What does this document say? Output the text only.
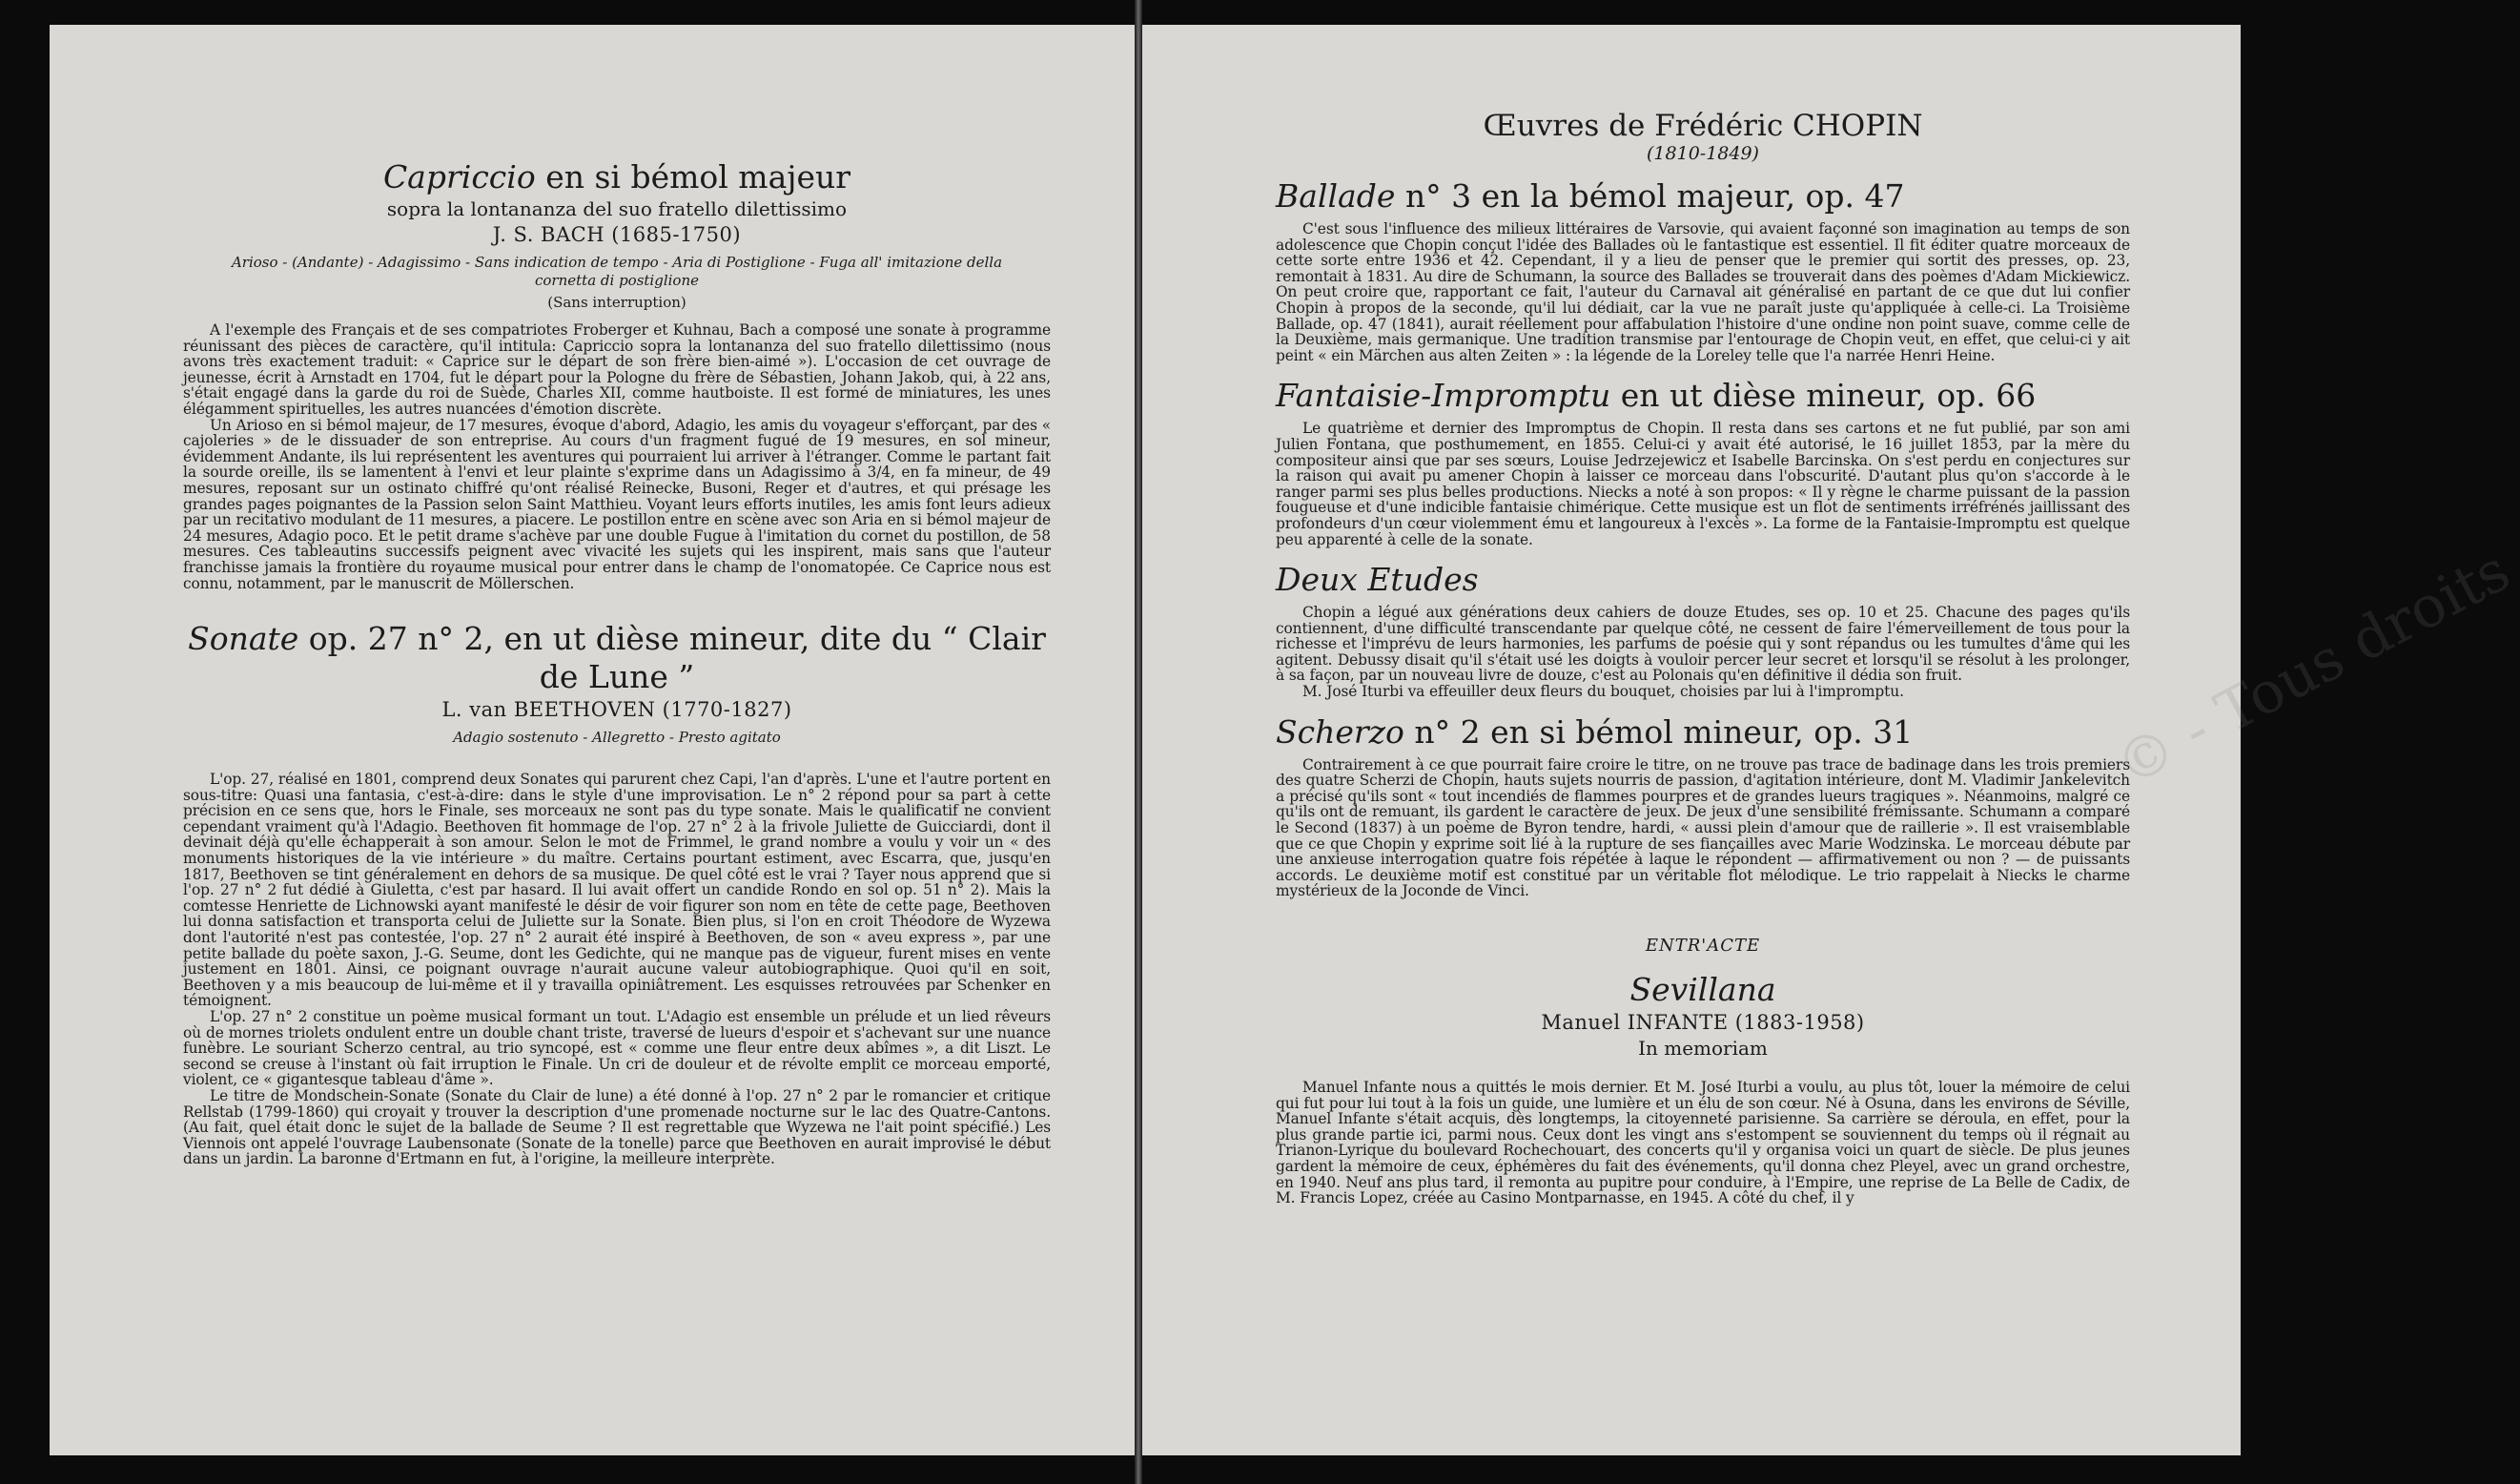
Capriccio en si bémol majeur

sopra la lontananza del suo fratello dilettissimo

J. S. BACH (1685-1750)

Arioso - (Andante) - Adagissimo - Sans indication de tempo - Aria di Postiglione - Fuga all' imitazione della cornetta di postiglione

(Sans interruption)

A l'exemple des Français et de ses compatriotes Froberger et Kuhnau, Bach a composé une sonate à programme réunissant des pièces de caractère, qu'il intitula: Capriccio sopra la lontananza del suo fratello dilettissimo (nous avons très exactement traduit: « Caprice sur le départ de son frère bien-aimé »). L'occasion de cet ouvrage de jeunesse, écrit à Arnstadt en 1704, fut le départ pour la Pologne du frère de Sébastien, Johann Jakob, qui, à 22 ans, s'était engagé dans la garde du roi de Suède, Charles XII, comme hautboiste. Il est formé de miniatures, les unes élégamment spirituelles, les autres nuancées d'émotion discrète.

Un Arioso en si bémol majeur, de 17 mesures, évoque d'abord, Adagio, les amis du voyageur s'efforçant, par des « cajoleries » de le dissuader de son entreprise. Au cours d'un fragment fugué de 19 mesures, en sol mineur, évidemment Andante, ils lui représentent les aventures qui pourraient lui arriver à l'étranger. Comme le partant fait la sourde oreille, ils se lamentent à l'envi et leur plainte s'exprime dans un Adagissimo à 3/4, en fa mineur, de 49 mesures, reposant sur un ostinato chiffré qu'ont réalisé Reinecke, Busoni, Reger et d'autres, et qui présage les grandes pages poignantes de la Passion selon Saint Matthieu. Voyant leurs efforts inutiles, les amis font leurs adieux par un recitativo modulant de 11 mesures, a piacere. Le postillon entre en scène avec son Aria en si bémol majeur de 24 mesures, Adagio poco. Et le petit drame s'achève par une double Fugue à l'imitation du cornet du postillon, de 58 mesures. Ces tableautins successifs peignent avec vivacité les sujets qui les inspirent, mais sans que l'auteur franchisse jamais la frontière du royaume musical pour entrer dans le champ de l'onomatopée. Ce Caprice nous est connu, notamment, par le manuscrit de Möllerschen.

Sonate op. 27 n° 2, en ut dièse mineur, dite du “ Clair de Lune ”

L. van BEETHOVEN (1770-1827)

Adagio sostenuto - Allegretto - Presto agitato

L'op. 27, réalisé en 1801, comprend deux Sonates qui parurent chez Capi, l'an d'après. L'une et l'autre portent en sous-titre: Quasi una fantasia, c'est-à-dire: dans le style d'une improvisation. Le n° 2 répond pour sa part à cette précision en ce sens que, hors le Finale, ses morceaux ne sont pas du type sonate. Mais le qualificatif ne convient cependant vraiment qu'à l'Adagio. Beethoven fit hommage de l'op. 27 n° 2 à la frivole Juliette de Guicciardi, dont il devinait déjà qu'elle échapperait à son amour. Selon le mot de Frimmel, le grand nombre a voulu y voir un « des monuments historiques de la vie intérieure » du maître. Certains pourtant estiment, avec Escarra, que, jusqu'en 1817, Beethoven se tint généralement en dehors de sa musique. De quel côté est le vrai ? Tayer nous apprend que si l'op. 27 n° 2 fut dédié à Giuletta, c'est par hasard. Il lui avait offert un candide Rondo en sol op. 51 n° 2). Mais la comtesse Henriette de Lichnowski ayant manifesté le désir de voir figurer son nom en tête de cette page, Beethoven lui donna satisfaction et transporta celui de Juliette sur la Sonate. Bien plus, si l'on en croit Théodore de Wyzewa dont l'autorité n'est pas contestée, l'op. 27 n° 2 aurait été inspiré à Beethoven, de son « aveu express », par une petite ballade du poète saxon, J.-G. Seume, dont les Gedichte, qui ne manque pas de vigueur, furent mises en vente justement en 1801. Ainsi, ce poignant ouvrage n'aurait aucune valeur autobiographique. Quoi qu'il en soit, Beethoven y a mis beaucoup de lui-même et il y travailla opiniâtrement. Les esquisses retrouvées par Schenker en témoignent.

L'op. 27 n° 2 constitue un poème musical formant un tout. L'Adagio est ensemble un prélude et un lied rêveurs où de mornes triolets ondulent entre un double chant triste, traversé de lueurs d'espoir et s'achevant sur une nuance funèbre. Le souriant Scherzo central, au trio syncopé, est « comme une fleur entre deux abîmes », a dit Liszt. Le second se creuse à l'instant où fait irruption le Finale. Un cri de douleur et de révolte emplit ce morceau emporté, violent, ce « gigantesque tableau d'âme ».

Le titre de Mondschein-Sonate (Sonate du Clair de lune) a été donné à l'op. 27 n° 2 par le romancier et critique Rellstab (1799-1860) qui croyait y trouver la description d'une promenade nocturne sur le lac des Quatre-Cantons. (Au fait, quel était donc le sujet de la ballade de Seume ? Il est regrettable que Wyzewa ne l'ait point spécifié.) Les Viennois ont appelé l'ouvrage Laubensonate (Sonate de la tonelle) parce que Beethoven en aurait improvisé le début dans un jardin. La baronne d'Ertmann en fut, à l'origine, la meilleure interprète.

© - Tous droits

Œuvres de Frédéric CHOPIN

(1810-1849)

Ballade n° 3 en la bémol majeur, op. 47

C'est sous l'influence des milieux littéraires de Varsovie, qui avaient façonné son imagination au temps de son adolescence que Chopin conçut l'idée des Ballades où le fantastique est essentiel. Il fit éditer quatre morceaux de cette sorte entre 1936 et 42. Cependant, il y a lieu de penser que le premier qui sortit des presses, op. 23, remontait à 1831. Au dire de Schumann, la source des Ballades se trouverait dans des poèmes d'Adam Mickiewicz. On peut croire que, rapportant ce fait, l'auteur du Carnaval ait généralisé en partant de ce que dut lui confier Chopin à propos de la seconde, qu'il lui dédiait, car la vue ne paraît juste qu'appliquée à celle-ci. La Troisième Ballade, op. 47 (1841), aurait réellement pour affabulation l'histoire d'une ondine non point suave, comme celle de la Deuxième, mais germanique. Une tradition transmise par l'entourage de Chopin veut, en effet, que celui-ci y ait peint « ein Märchen aus alten Zeiten » : la légende de la Loreley telle que l'a narrée Henri Heine.

Fantaisie-Impromptu en ut dièse mineur, op. 66

Le quatrième et dernier des Impromptus de Chopin. Il resta dans ses cartons et ne fut publié, par son ami Julien Fontana, que posthumement, en 1855. Celui-ci y avait été autorisé, le 16 juillet 1853, par la mère du compositeur ainsi que par ses sœurs, Louise Jedrzejewicz et Isabelle Barcinska. On s'est perdu en conjectures sur la raison qui avait pu amener Chopin à laisser ce morceau dans l'obscurité. D'autant plus qu'on s'accorde à le ranger parmi ses plus belles productions. Niecks a noté à son propos: « Il y règne le charme puissant de la passion fougueuse et d'une indicible fantaisie chimérique. Cette musique est un flot de sentiments irréfrénés jaillissant des profondeurs d'un cœur violemment ému et langoureux à l'excès ». La forme de la Fantaisie-Impromptu est quelque peu apparenté à celle de la sonate.

Deux Etudes

Chopin a légué aux générations deux cahiers de douze Etudes, ses op. 10 et 25. Chacune des pages qu'ils contiennent, d'une difficulté transcendante par quelque côté, ne cessent de faire l'émerveillement de tous pour la richesse et l'imprévu de leurs harmonies, les parfums de poésie qui y sont répandus ou les tumultes d'âme qui les agitent. Debussy disait qu'il s'était usé les doigts à vouloir percer leur secret et lorsqu'il se résolut à les prolonger, à sa façon, par un nouveau livre de douze, c'est au Polonais qu'en définitive il dédia son fruit.

M. José Iturbi va effeuiller deux fleurs du bouquet, choisies par lui à l'impromptu.

Scherzo n° 2 en si bémol mineur, op. 31

Contrairement à ce que pourrait faire croire le titre, on ne trouve pas trace de badinage dans les trois premiers des quatre Scherzi de Chopin, hauts sujets nourris de passion, d'agitation intérieure, dont M. Vladimir Jankelevitch a précisé qu'ils sont « tout incendiés de flammes pourpres et de grandes lueurs tragiques ». Néanmoins, malgré ce qu'ils ont de remuant, ils gardent le caractère de jeux. De jeux d'une sensibilité frémissante. Schumann a comparé le Second (1837) à un poème de Byron tendre, hardi, « aussi plein d'amour que de raillerie ». Il est vraisemblable que ce que Chopin y exprime soit lié à la rupture de ses fiançailles avec Marie Wodzinska. Le morceau débute par une anxieuse interrogation quatre fois répétée à laque le répondent — affirmativement ou non ? — de puissants accords. Le deuxième motif est constitué par un véritable flot mélodique. Le trio rappelait à Niecks le charme mystérieux de la Joconde de Vinci.

ENTR'ACTE

Sevillana

Manuel INFANTE (1883-1958)

In memoriam

Manuel Infante nous a quittés le mois dernier. Et M. José Iturbi a voulu, au plus tôt, louer la mémoire de celui qui fut pour lui tout à la fois un guide, une lumière et un élu de son cœur. Né à Osuna, dans les environs de Séville, Manuel Infante s'était acquis, dès longtemps, la citoyenneté parisienne. Sa carrière se déroula, en effet, pour la plus grande partie ici, parmi nous. Ceux dont les vingt ans s'estompent se souviennent du temps où il régnait au Trianon-Lyrique du boulevard Rochechouart, des concerts qu'il y organisa voici un quart de siècle. De plus jeunes gardent la mémoire de ceux, éphémères du fait des événements, qu'il donna chez Pleyel, avec un grand orchestre, en 1940. Neuf ans plus tard, il remonta au pupitre pour conduire, à l'Empire, une reprise de La Belle de Cadix, de M. Francis Lopez, créée au Casino Montparnasse, en 1945. A côté du chef, il y
